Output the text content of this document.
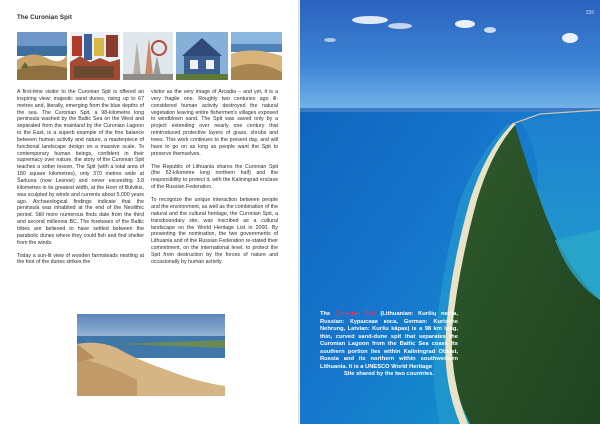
The Curonian Spit

A first-time visitor to the Curonian Spit is offered an inspiring view: majestic sand dunes, rising up to 67 metres and, literally, emerging from the blue depths of the sea. The Curonian Spit, a 98-kilometre long peninsula washed by the Baltic Sea on the West and separated from the mainland by the Curonian Lagoon to the East, is a superb example of the fine balance between human activity and nature, a masterpiece of functional landscape design on a massive scale. To contemporary human beings, confident in their supremacy over nature, the story of the Curonian Spit teaches a sober lesson. The Spit (with a total area of 180 square kilometres), only 370 metres wide at Šarkuva (now Lesnoe) and never exceeding 3.8 kilometres in its greatest width, at the Horn of Bulvikis, was sculpted by winds and currents about 5,000 years ago. Archaeological findings indicate that the peninsula was inhabited at the end of the Neolithic period. Still more numerous finds date from the third and second millennia BC. The forebears of the Baltic tribes are believed to have settled between the parabolic dunes where they could fish and find shelter from the winds.

Today a sun-lit view of wooden farmsteads nestling at the foot of the dunes strikes the

visitor as the very image of Arcadia – and yet, it is a very fragile one. Roughly two centuries ago ill-considered human activity destroyed the natural vegetation leaving entire fishermen's villages exposed to windblown sand. The Spit was saved only by a project extending over nearly one century that reintroduced protective layers of grass, shrubs and trees. This work continues to the present day, and will have to go on as long as people want the Spit to preserve themselves.

The Republic of Lithuania shares the Curonian Spit (the 52-kilometre long northern half) and the responsibility to protect it, with the Kaliningrad enclave of the Russian Federation.

To recognize the unique interaction between people and the environment, as well as the combination of the natural and the cultural heritage, the Curonian Spit, a transboundary site, was inscribed as a cultural landscape on the World Heritage List in 2000. By presenting the nomination, the two governments of Lithuania and of the Russian Federation re-stated their commitment, on the international level, to protect the Spit from destruction by the forces of nature and occasionally by human activity.

155
The Curonian Spit (Lithuanian: Kuršių nerija, Russian: Куршская коса, German: Kurische Nehrung, Latvian: Kuršu kāpas) is a 98 km long, thin, curved sand-dune spit that separates the Curonian Lagoon from the Baltic Sea coast. Its southern portion lies within Kaliningrad Oblast, Russia and its northern within southwestern Lithuania. It is a UNESCO World Heritage
Site shared by the two countries.
